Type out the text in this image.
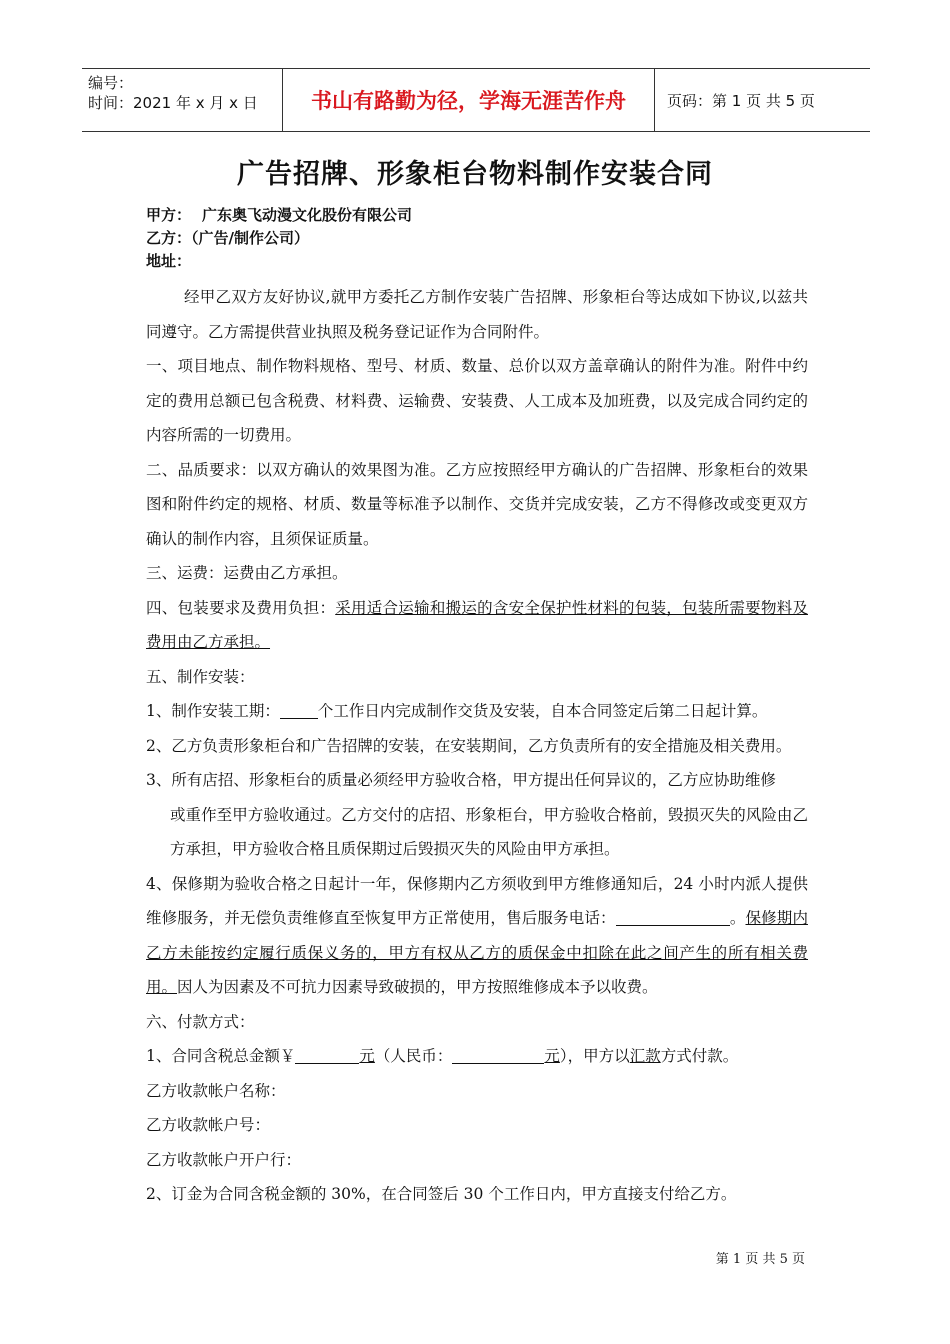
编号：
时间：2021 年 x 月 x 日	书山有路勤为径，学海无涯苦作舟	页码：第 1 页 共 5 页
广告招牌、形象柜台物料制作安装合同
甲方： 广东奥飞动漫文化股份有限公司
乙方：（广告/制作公司）
地址：

经甲乙双方友好协议,就甲方委托乙方制作安装广告招牌、形象柜台等达成如下协议,以兹共同遵守。乙方需提供营业执照及税务登记证作为合同附件。

一、项目地点、制作物料规格、型号、材质、数量、总价以双方盖章确认的附件为准。附件中约定的费用总额已包含税费、材料费、运输费、安装费、人工成本及加班费，以及完成合同约定的内容所需的一切费用。

二、品质要求：以双方确认的效果图为准。乙方应按照经甲方确认的广告招牌、形象柜台的效果图和附件约定的规格、材质、数量等标准予以制作、交货并完成安装，乙方不得修改或变更双方确认的制作内容，且须保证质量。

三、运费：运费由乙方承担。

四、包装要求及费用负担：采用适合运输和搬运的含安全保护性材料的包装，包装所需要物料及费用由乙方承担。

五、制作安装：

1、制作安装工期： 个工作日内完成制作交货及安装，自本合同签定后第二日起计算。

2、乙方负责形象柜台和广告招牌的安装，在安装期间，乙方负责所有的安全措施及相关费用。

3、所有店招、形象柜台的质量必须经甲方验收合格，甲方提出任何异议的，乙方应协助维修

或重作至甲方验收通过。乙方交付的店招、形象柜台，甲方验收合格前，毁损灭失的风险由乙方承担，甲方验收合格且质保期过后毁损灭失的风险由甲方承担。

4、保修期为验收合格之日起计一年，保修期内乙方须收到甲方维修通知后，24 小时内派人提供维修服务，并无偿负责维修直至恢复甲方正常使用，售后服务电话：	。保修期内乙方未能按约定履行质保义务的，甲方有权从乙方的质保金中扣除在此之间产生的所有相关费用。因人为因素及不可抗力因素导致破损的，甲方按照维修成本予以收费。

六、付款方式：

1、合同含税总金额￥	元（人民币：	元），甲方以汇款方式付款。

乙方收款帐户名称：

乙方收款帐户号：

乙方收款帐户开户行：

2、订金为合同含税金额的 30%，在合同签后 30 个工作日内，甲方直接支付给乙方。

第 1 页 共 5 页
